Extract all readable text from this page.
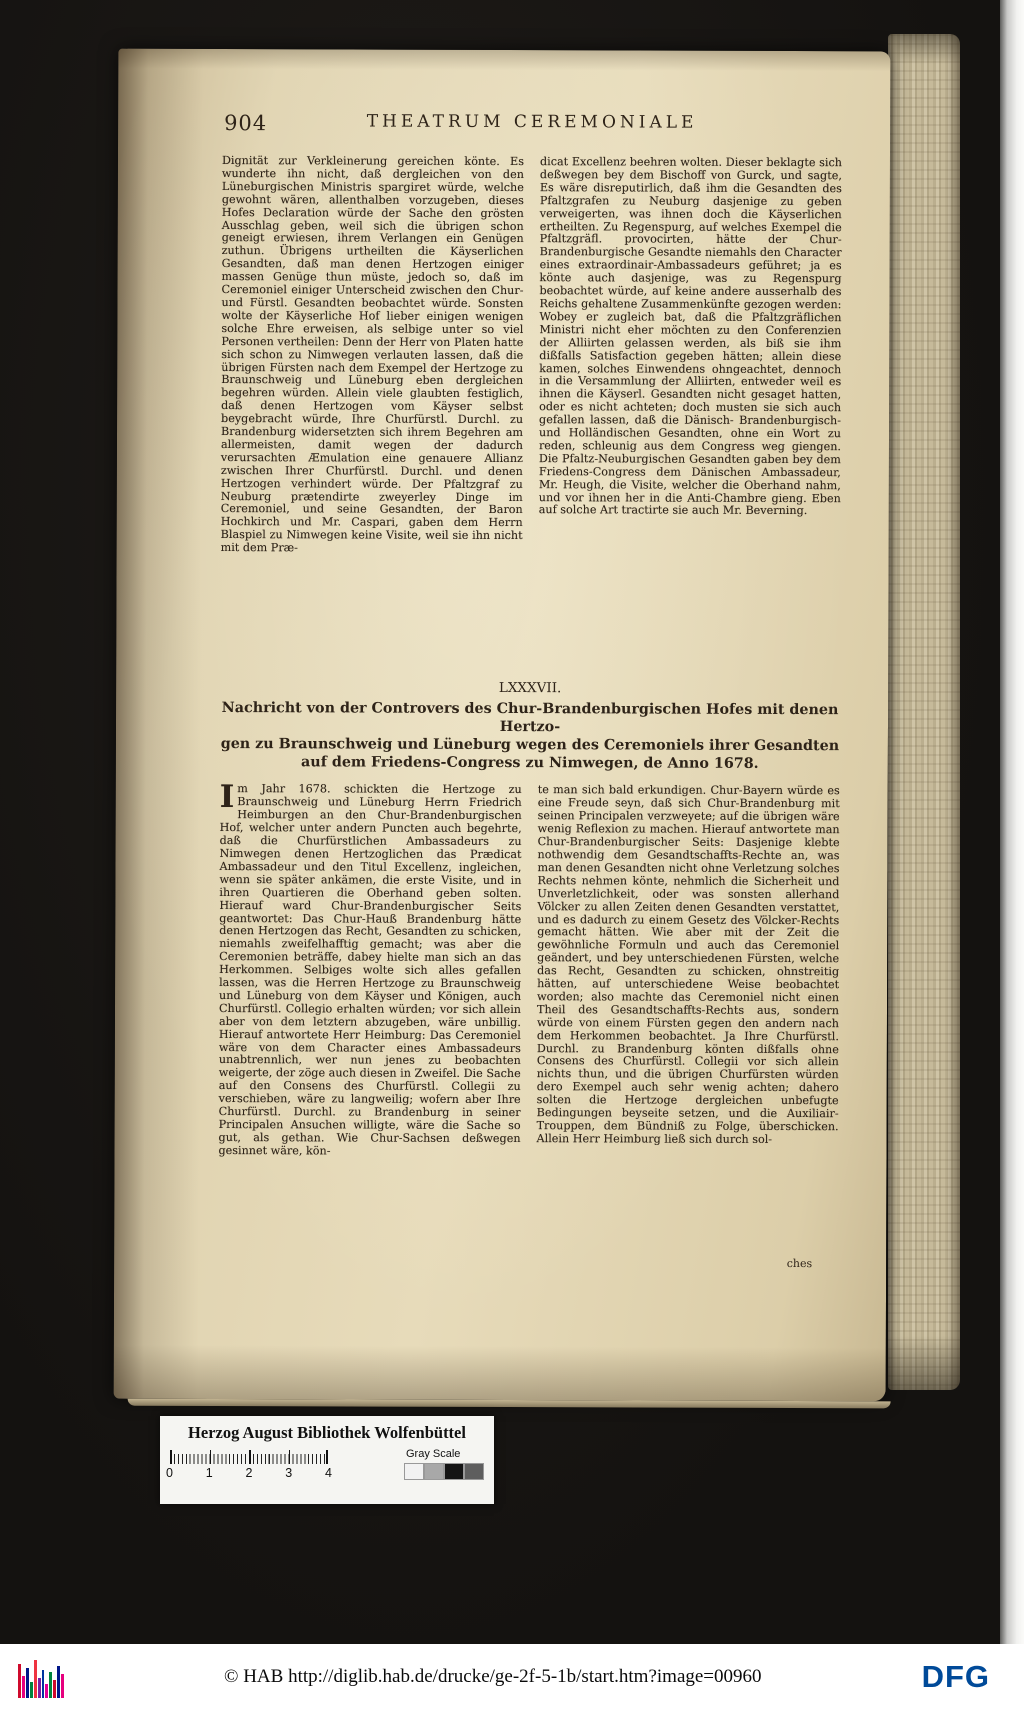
904	THEATRUM CEREMONIALE
Dignität zur Verkleinerung gereichen könte. Es wunderte ihn nicht, daß dergleichen von den Lüneburgischen Ministris spargiret würde, welche gewohnt wären, allenthalben vorzugeben, dieses Hofes Declaration würde der Sache den grösten Ausschlag geben, weil sich die übrigen schon geneigt erwiesen, ihrem Verlangen ein Genügen zuthun. Übrigens urtheilten die Käyserlichen Gesandten, daß man denen Hertzogen einiger massen Genüge thun müste, jedoch so, daß im Ceremoniel einiger Unterscheid zwischen den Chur- und Fürstl. Gesandten beobachtet würde. Sonsten wolte der Käyserliche Hof lieber einigen wenigen solche Ehre erweisen, als selbige unter so viel Personen vertheilen: Denn der Herr von Platen hatte sich schon zu Nimwegen verlauten lassen, daß die übrigen Fürsten nach dem Exempel der Hertzoge zu Braunschweig und Lüneburg eben dergleichen begehren würden. Allein viele glaubten festiglich, daß denen Hertzogen vom Käyser selbst beygebracht würde, Ihre Churfürstl. Durchl. zu Brandenburg widersetzten sich ihrem Begehren am allermeisten, damit wegen der dadurch verursachten Æmulation eine genauere Allianz zwischen Ihrer Churfürstl. Durchl. und denen Hertzogen verhindert würde. Der Pfaltzgraf zu Neuburg prætendirte zweyerley Dinge im Ceremoniel, und seine Gesandten, der Baron Hochkirch und Mr. Caspari, gaben dem Herrn Blaspiel zu Nimwegen keine Visite, weil sie ihn nicht mit dem Præ-
dicat Excellenz beehren wolten. Dieser beklagte sich deßwegen bey dem Bischoff von Gurck, und sagte, Es wäre disreputirlich, daß ihm die Gesandten des Pfaltzgrafen zu Neuburg dasjenige zu geben verweigerten, was ihnen doch die Käyserlichen ertheilten. Zu Regenspurg, auf welches Exempel die Pfaltzgräfl. provocirten, hätte der Chur-Brandenburgische Gesandte niemahls den Character eines extraordinair-Ambassadeurs geführet; ja es könte auch dasjenige, was zu Regenspurg beobachtet würde, auf keine andere ausserhalb des Reichs gehaltene Zusammenkünfte gezogen werden: Wobey er zugleich bat, daß die Pfaltzgräflichen Ministri nicht eher möchten zu den Conferenzien der Alliirten gelassen werden, als biß sie ihm dißfalls Satisfaction gegeben hätten; allein diese kamen, solches Einwendens ohngeachtet, dennoch in die Versammlung der Alliirten, entweder weil es ihnen die Käyserl. Gesandten nicht gesaget hatten, oder es nicht achteten; doch musten sie sich auch gefallen lassen, daß die Dänisch- Brandenburgisch- und Holländischen Gesandten, ohne ein Wort zu reden, schleunig aus dem Congress weg giengen. Die Pfaltz-Neuburgischen Gesandten gaben bey dem Friedens-Congress dem Dänischen Ambassadeur, Mr. Heugh, die Visite, welcher die Oberhand nahm, und vor ihnen her in die Anti-Chambre gieng. Eben auf solche Art tractirte sie auch Mr. Beverning.
LXXXVII.
Nachricht von der Controvers des Chur-Brandenburgischen Hofes mit denen Hertzo-
gen zu Braunschweig und Lüneburg wegen des Ceremoniels ihrer Gesandten
auf dem Friedens-Congress zu Nimwegen, de Anno 1678.
Im Jahr 1678. schickten die Hertzoge zu Braunschweig und Lüneburg Herrn Friedrich Heimburgen an den Chur-Brandenburgischen Hof, welcher unter andern Puncten auch begehrte, daß die Churfürstlichen Ambassadeurs zu Nimwegen denen Hertzoglichen das Prædicat Ambassadeur und den Titul Excellenz, ingleichen, wenn sie später ankämen, die erste Visite, und in ihren Quartieren die Oberhand geben solten. Hierauf ward Chur-Brandenburgischer Seits geantwortet: Das Chur-Hauß Brandenburg hätte denen Hertzogen das Recht, Gesandten zu schicken, niemahls zweifelhafftig gemacht; was aber die Ceremonien beträffe, dabey hielte man sich an das Herkommen. Selbiges wolte sich alles gefallen lassen, was die Herren Hertzoge zu Braunschweig und Lüneburg von dem Käyser und Königen, auch Churfürstl. Collegio erhalten würden; vor sich allein aber von dem letztern abzugeben, wäre unbillig. Hierauf antwortete Herr Heimburg: Das Ceremoniel wäre von dem Character eines Ambassadeurs unabtrennlich, wer nun jenes zu beobachten weigerte, der zöge auch diesen in Zweifel. Die Sache auf den Consens des Churfürstl. Collegii zu verschieben, wäre zu langweilig; wofern aber Ihre Churfürstl. Durchl. zu Brandenburg in seiner Principalen Ansuchen willigte, wäre die Sache so gut, als gethan. Wie Chur-Sachsen deßwegen gesinnet wäre, kön-
te man sich bald erkundigen. Chur-Bayern würde es eine Freude seyn, daß sich Chur-Brandenburg mit seinen Principalen verzweyete; auf die übrigen wäre wenig Reflexion zu machen. Hierauf antwortete man Chur-Brandenburgischer Seits: Dasjenige klebte nothwendig dem Gesandtschaffts-Rechte an, was man denen Gesandten nicht ohne Verletzung solches Rechts nehmen könte, nehmlich die Sicherheit und Unverletzlichkeit, oder was sonsten allerhand Völcker zu allen Zeiten denen Gesandten verstattet, und es dadurch zu einem Gesetz des Völcker-Rechts gemacht hätten. Wie aber mit der Zeit die gewöhnliche Formuln und auch das Ceremoniel geändert, und bey unterschiedenen Fürsten, welche das Recht, Gesandten zu schicken, ohnstreitig hätten, auf unterschiedene Weise beobachtet worden; also machte das Ceremoniel nicht einen Theil des Gesandtschaffts-Rechts aus, sondern würde von einem Fürsten gegen den andern nach dem Herkommen beobachtet. Ja Ihre Churfürstl. Durchl. zu Brandenburg könten dißfalls ohne Consens des Churfürstl. Collegii vor sich allein nichts thun, und die übrigen Churfürsten würden dero Exempel auch sehr wenig achten; dahero solten die Hertzoge dergleichen unbefugte Bedingungen beyseite setzen, und die Auxiliair-Trouppen, dem Bündniß zu Folge, überschicken. Allein Herr Heimburg ließ sich durch sol-
ches
Herzog August Bibliothek Wolfenbüttel
0	1	2	3	4
Gray Scale
© HAB http://diglib.hab.de/drucke/ge-2f-5-1b/start.htm?image=00960	DFG
